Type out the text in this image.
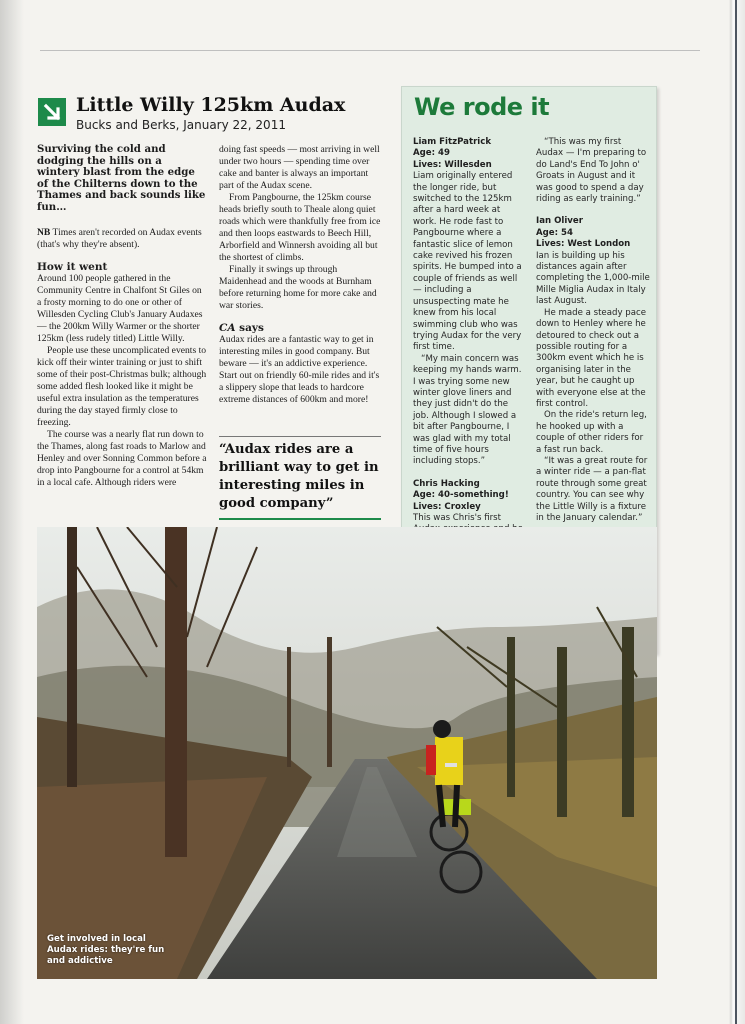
Little Willy 125km Audax
Bucks and Berks, January 22, 2011

Surviving the cold and dodging the hills on a wintery blast from the edge of the Chilterns down to the Thames and back sounds like fun…

NB Times aren't recorded on Audax events (that's why they're absent).

How it went

Around 100 people gathered in the Community Centre in Chalfont St Giles on a frosty morning to do one or other of Willesden Cycling Club's January Audaxes — the 200km Willy Warmer or the shorter 125km (less rudely titled) Little Willy.

People use these uncomplicated events to kick off their winter training or just to shift some of their post-Christmas bulk; although some added flesh looked like it might be useful extra insulation as the temperatures during the day stayed firmly close to freezing.

The course was a nearly flat run down to the Thames, along fast roads to Marlow and Henley and over Sonning Common before a drop into Pangbourne for a control at 54km in a local cafe. Although riders were

doing fast speeds — most arriving in well under two hours — spending time over cake and banter is always an important part of the Audax scene.

From Pangbourne, the 125km course heads briefly south to Theale along quiet roads which were thankfully free from ice and then loops eastwards to Beech Hill, Arborfield and Winnersh avoiding all but the shortest of climbs.

Finally it swings up through Maidenhead and the woods at Burnham before returning home for more cake and war stories.

CA says

Audax rides are a fantastic way to get in interesting miles in good company. But beware — it's an addictive experience. Start out on friendly 60-mile rides and it's a slippery slope that leads to hardcore extreme distances of 600km and more!

“Audax rides are a brilliant way to get in interesting miles in good company”
We rode it
Liam FitzPatrick
Age: 49
Lives: Willesden

Liam originally entered the longer ride, but switched to the 125km after a hard week at work. He rode fast to Pangbourne where a fantastic slice of lemon cake revived his frozen spirits. He bumped into a couple of friends as well — including a unsuspecting mate he knew from his local swimming club who was trying Audax for the very first time.

“My main concern was keeping my hands warm. I was trying some new winter glove liners and they just didn't do the job. Although I slowed a bit after Pangbourne, I was glad with my total time of five hours including stops.”

Chris Hacking
Age: 40-something!
Lives: Croxley

This was Chris's first

“This was my first Audax — I'm preparing to do Land's End To John o' Groats in August and it was good to spend a day riding as early training.”

Ian Oliver
Age: 54
Lives: West London

Ian is building up his distances again after completing the 1,000-mile Mille Miglia Audax in Italy last August.

He made a steady pace down to Henley where he detoured to check out a possible routing for a 300km event which he is organising later in the year, but he caught up with everyone else at the first control.

On the ride's return leg, he hooked up with a couple of other riders for a fast run back.

“It was a great route for a winter ride — a pan-flat route through some great country. You can see why the Little Willy is a fixture in the January calendar.”

Get involved in local Audax rides: they're fun and addictive
